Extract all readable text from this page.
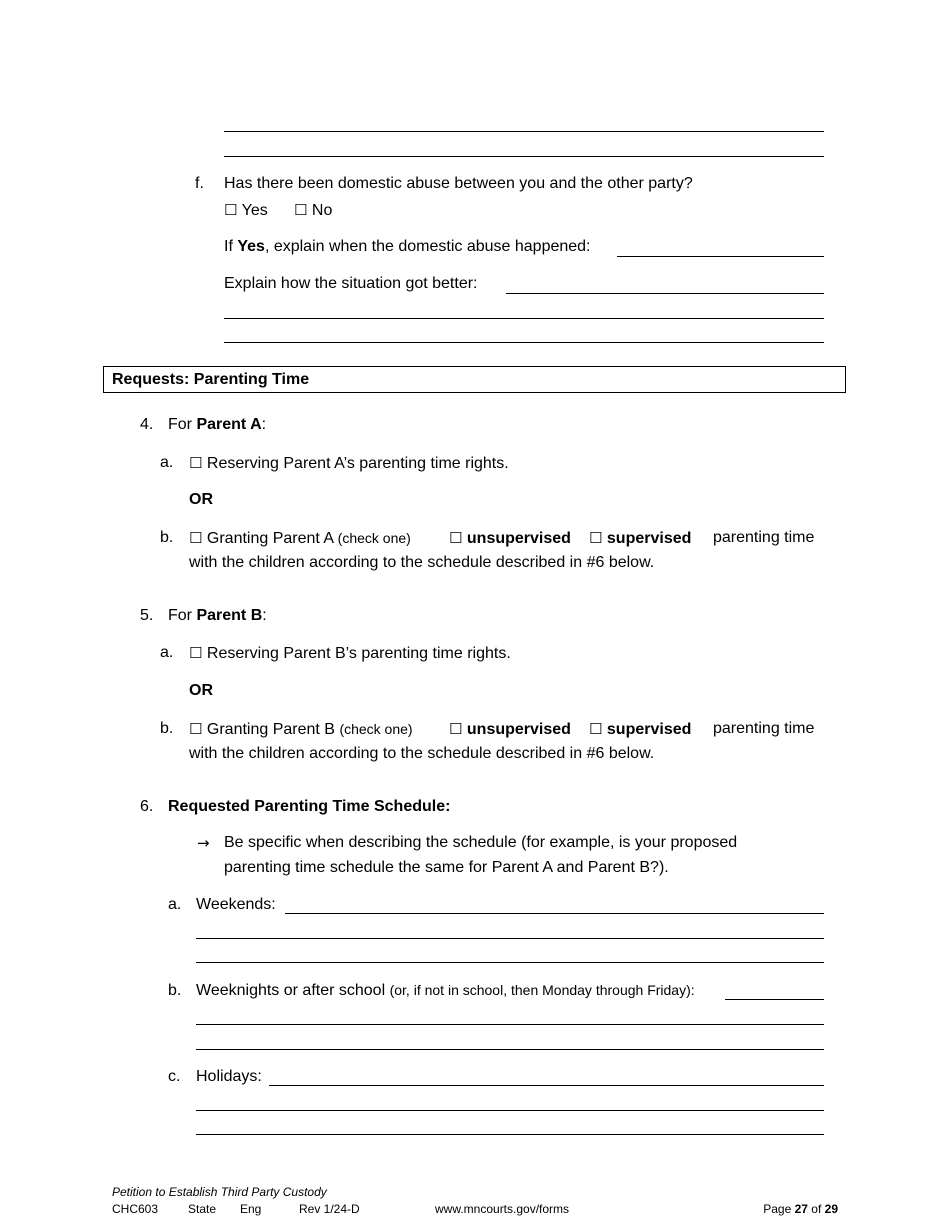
f. Has there been domestic abuse between you and the other party?
☐ Yes ☐ No
If Yes, explain when the domestic abuse happened:
Explain how the situation got better:
Requests: Parenting Time
4. For Parent A:
a. ☐ Reserving Parent A’s parenting time rights.
OR
b. ☐ Granting Parent A (check one)	☐ unsupervised ☐ supervised parenting time
with the children according to the schedule described in #6 below.
5. For Parent B:
a. ☐ Reserving Parent B’s parenting time rights.
OR
b. ☐ Granting Parent B (check one) ☐ unsupervised ☐ supervised parenting time
with the children according to the schedule described in #6 below.
6. Requested Parenting Time Schedule:
→ Be specific when describing the schedule (for example, is your proposed
parenting time schedule the same for Parent A and Parent B?).
a. Weekends:
b. Weeknights or after school (or, if not in school, then Monday through Friday):
c. Holidays:
Petition to Establish Third Party Custody
CHC603 State Eng	Rev 1/24-D	www.mncourts.gov/forms	Page 27 of 29
